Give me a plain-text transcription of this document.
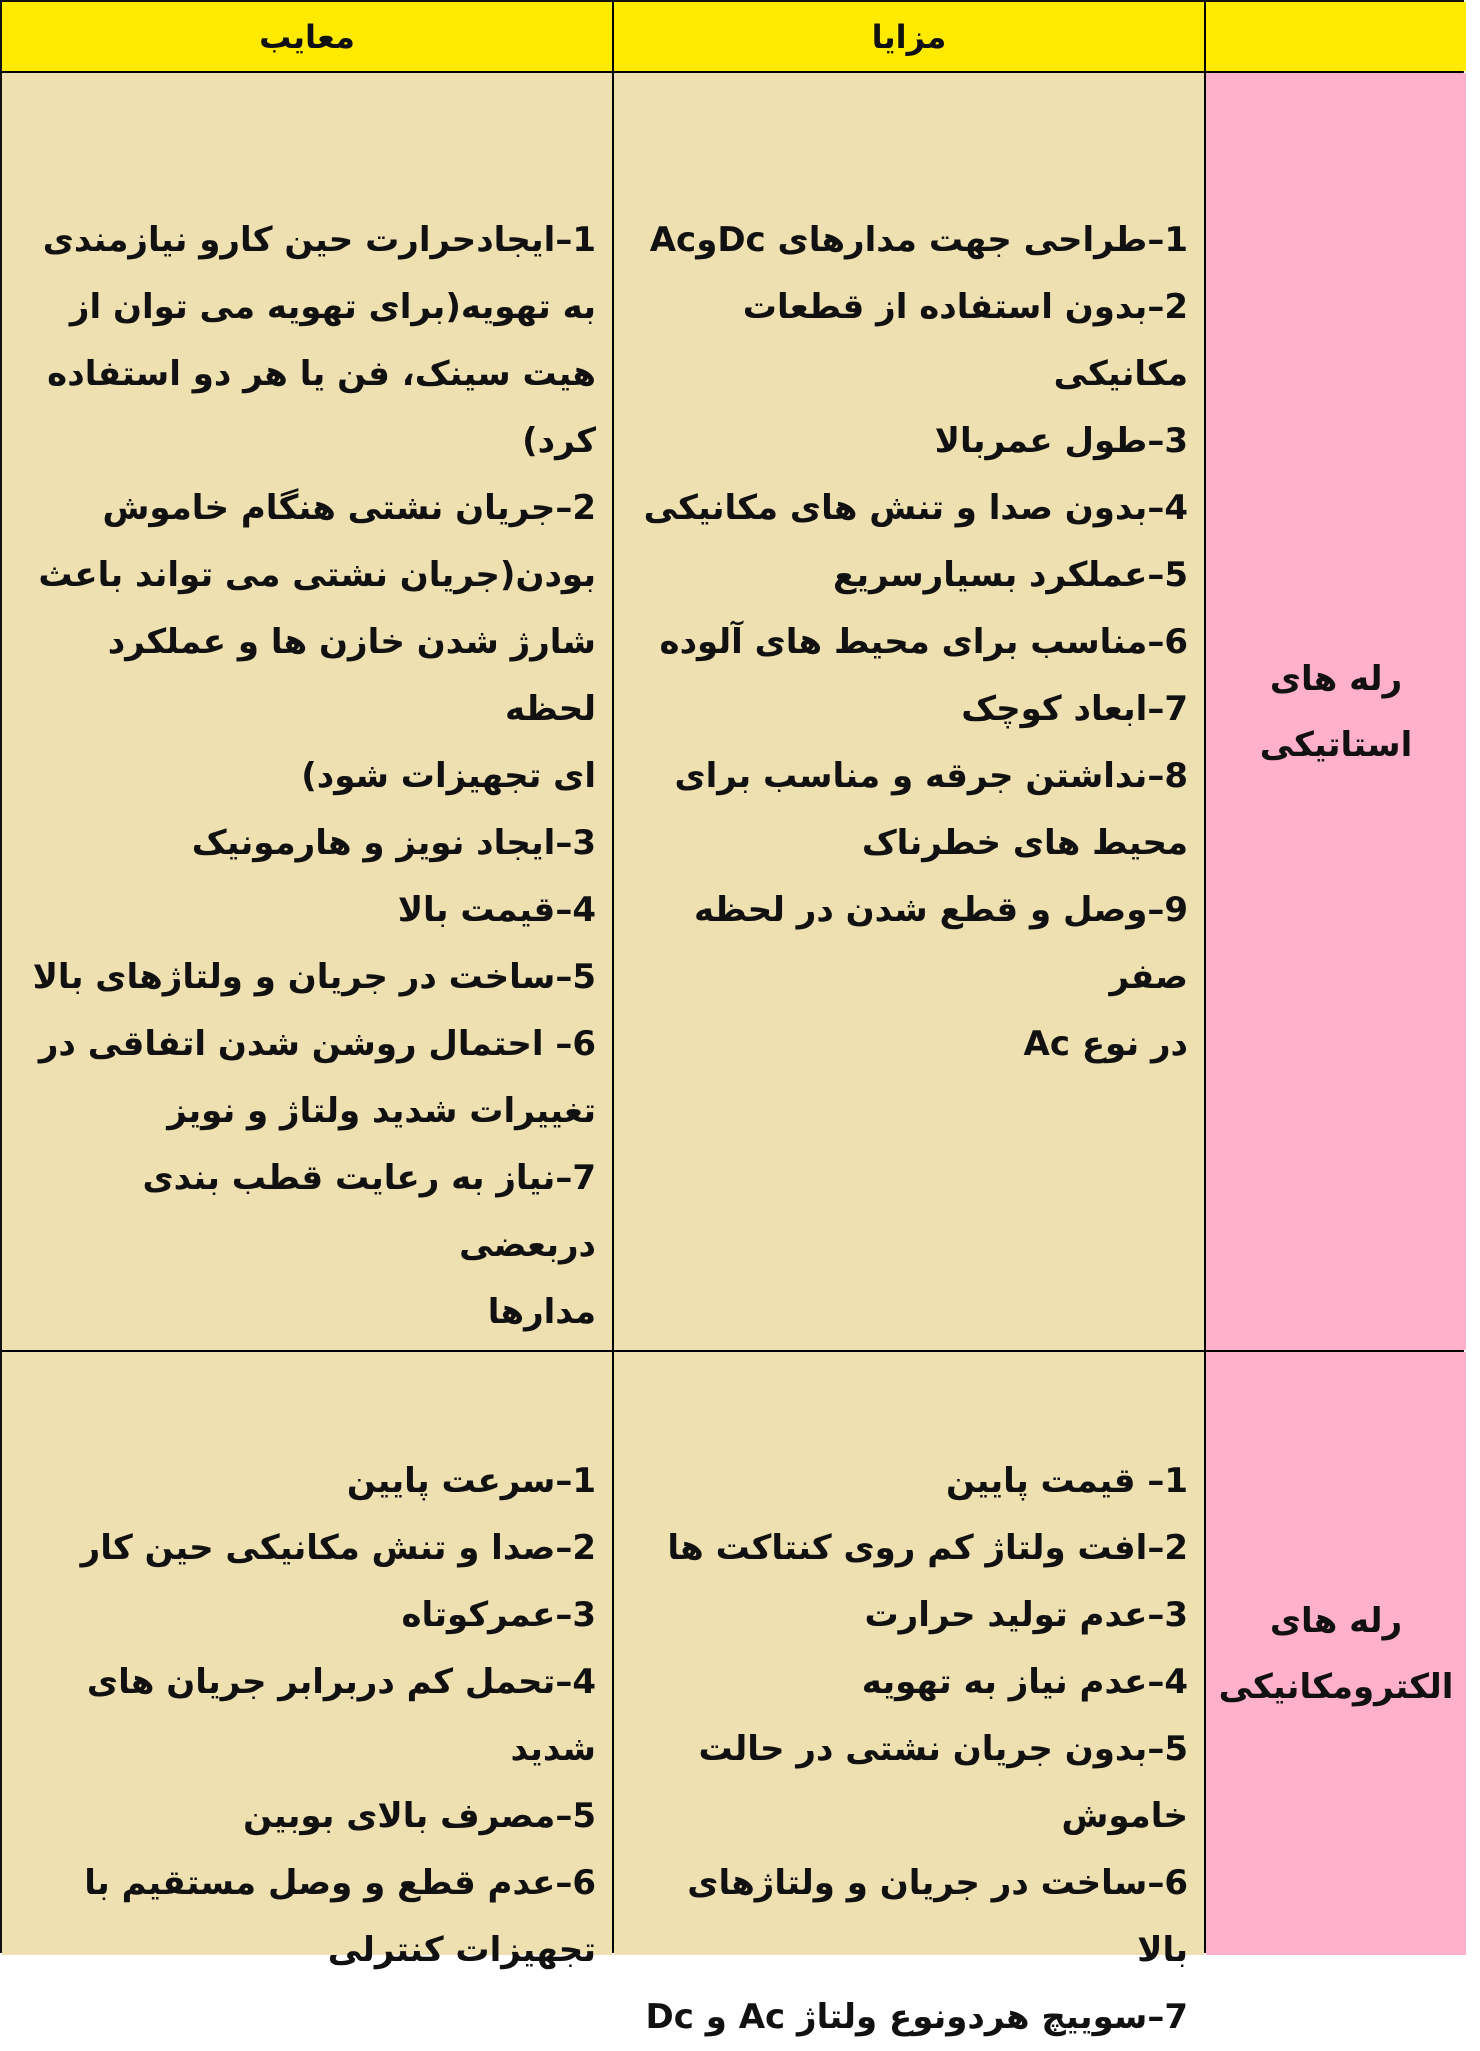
معایب	مزایا
1–ایجادحرارت حین کارو نیازمندی
به تهویه(برای تهویه می توان از
هیت سینک، فن یا هر دو استفاده
کرد)
2–جریان نشتی هنگام خاموش
بودن(جریان نشتی می تواند باعث
شارژ شدن خازن ها و عملکرد لحظه
ای تجهیزات شود)
3–ایجاد نویز و هارمونیک
4–قیمت بالا
5–ساخت در جریان و ولتاژهای بالا
6– احتمال روشن شدن اتفاقی در
تغییرات شدید ولتاژ و نویز
7–نیاز به رعایت قطب بندی دربعضی
مدارها
1–طراحی جهت مدارهای DcوAc
2–بدون استفاده از قطعات
مکانیکی
3–طول عمربالا
4–بدون صدا و تنش های مکانیکی
5–عملکرد بسیارسریع
6–مناسب برای محیط های آلوده
7–ابعاد کوچک
8–نداشتن جرقه و مناسب برای
محیط های خطرناک
9–وصل و قطع شدن در لحظه صفر
در نوع Ac
رله های
استاتیکی
1–سرعت پایین
2–صدا و تنش مکانیکی حین کار
3–عمرکوتاه
4–تحمل کم دربرابر جریان های
شدید
5–مصرف بالای بوبین
6–عدم قطع و وصل مستقیم با
تجهیزات کنترلی
1– قیمت پایین
2–افت ولتاژ کم روی کنتاکت ها
3–عدم تولید حرارت
4–عدم نیاز به تهویه
5–بدون جریان نشتی در حالت
خاموش
6–ساخت در جریان و ولتاژهای بالا
7–سوییچ هردونوع ولتاژ Ac و Dc
رله های
الکترومکانیکی
